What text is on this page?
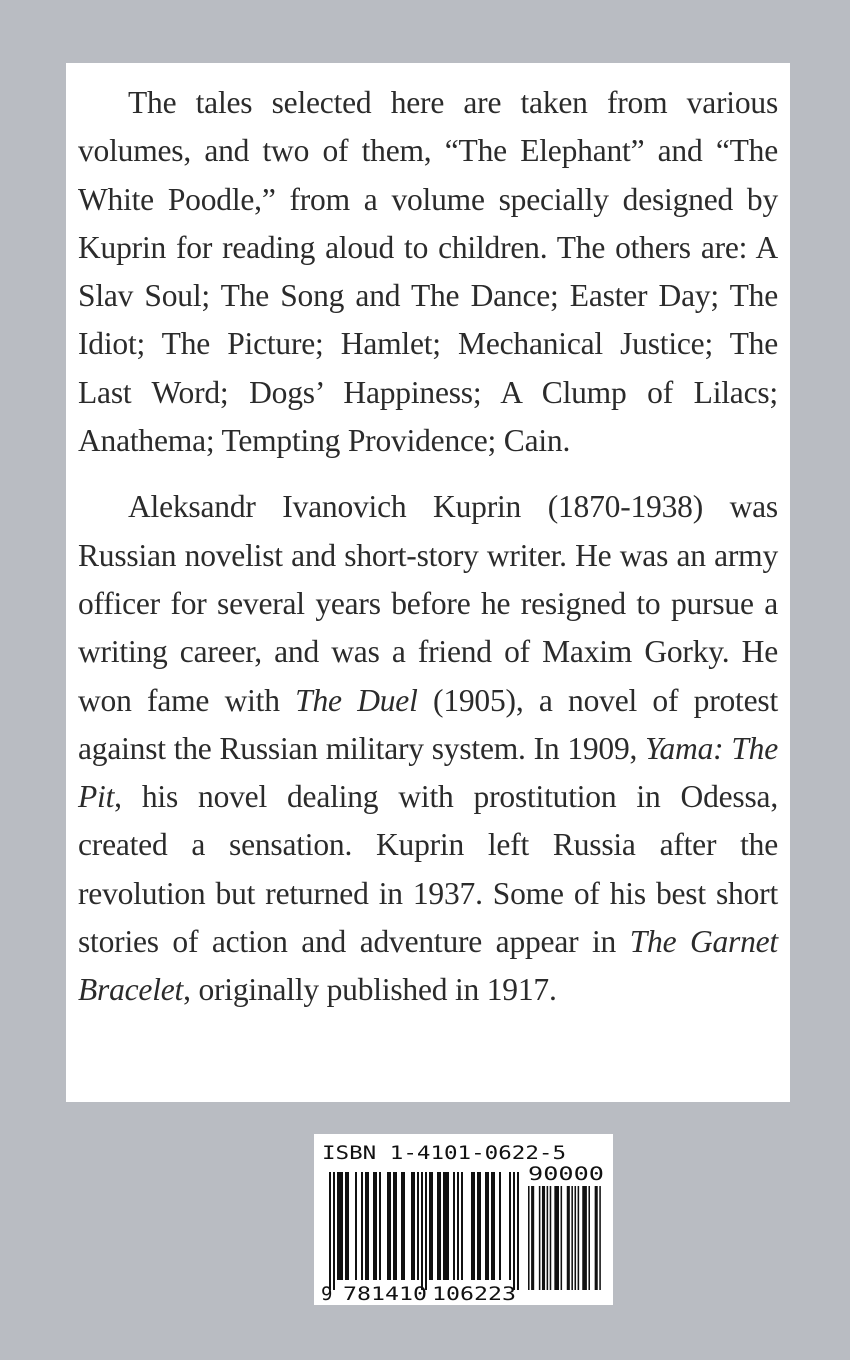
The tales selected here are taken from various volumes, and two of them, “The Elephant” and “The White Poodle,” from a volume specially designed by Kuprin for reading aloud to children. The others are: A Slav Soul; The Song and The Dance; Easter Day; The Idiot; The Picture; Hamlet; Mechanical Justice; The Last Word; Dogs’ Happiness; A Clump of Lilacs; Anathema; Tempting Providence; Cain.

Aleksandr Ivanovich Kuprin (1870-1938) was Russian novelist and short-story writer. He was an army officer for several years before he resigned to pursue a writing career, and was a friend of Maxim Gorky. He won fame with The Duel (1905), a novel of protest against the Russian military system. In 1909, Yama: The Pit, his novel dealing with prostitution in Odessa, created a sensation. Kuprin left Russia after the revolution but returned in 1937. Some of his best short stories of action and adventure appear in The Garnet Bracelet, originally published in 1917.

ISBN 1-4101-0622-5
90000
9 781410 106223
